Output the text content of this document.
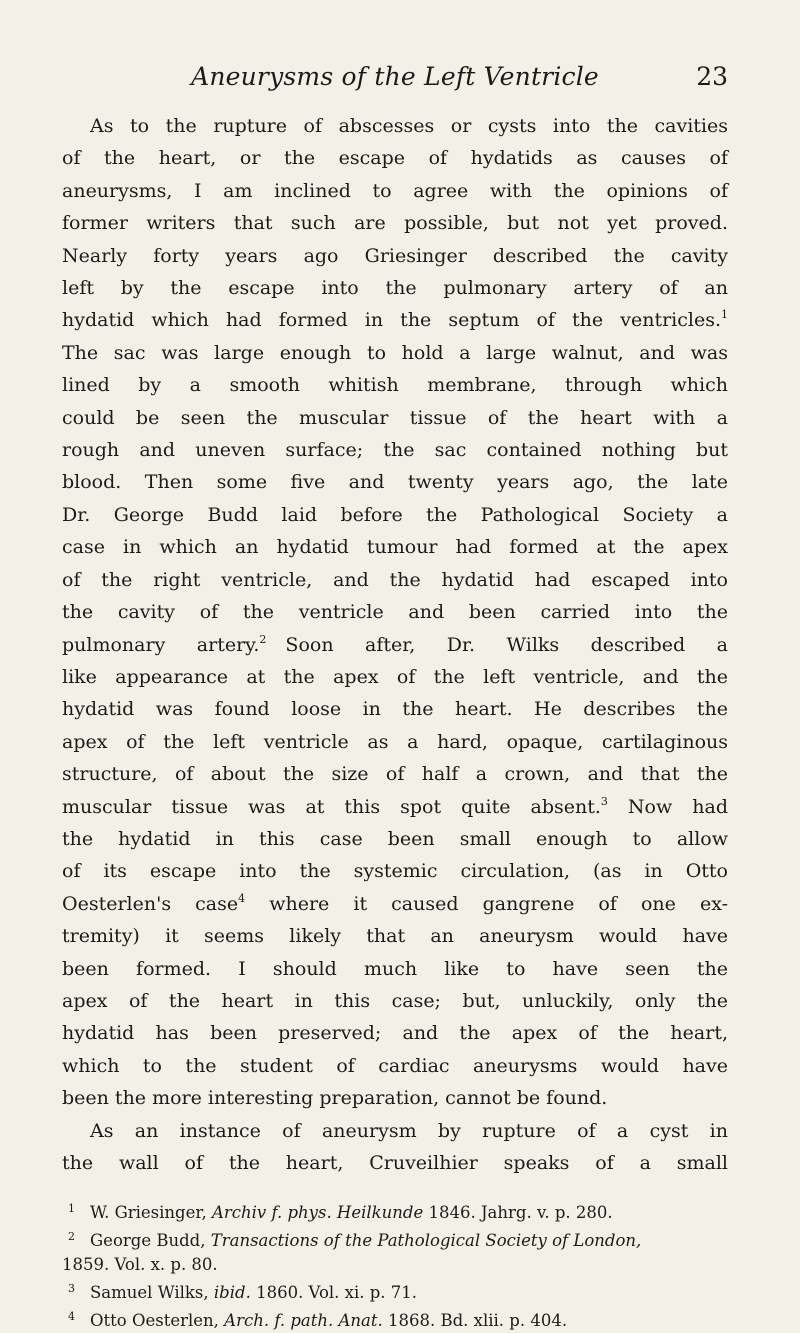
Aneurysms of the Left Ventricle	23
As to the rupture of abscesses or cysts into the cavities
of the heart, or the escape of hydatids as causes of
aneurysms, I am inclined to agree with the opinions of
former writers that such are possible, but not yet proved.
Nearly forty years ago Griesinger described the cavity
left by the escape into the pulmonary artery of an
hydatid which had formed in the septum of the ventricles.$^1$
The sac was large enough to hold a large walnut, and was
lined by a smooth whitish membrane, through which
could be seen the muscular tissue of the heart with a
rough and uneven surface; the sac contained nothing but
blood. Then some five and twenty years ago, the late
Dr. George Budd laid before the Pathological Society a
case in which an hydatid tumour had formed at the apex
of the right ventricle, and the hydatid had escaped into
the cavity of the ventricle and been carried into the
pulmonary artery.$^2$  Soon after, Dr. Wilks described a
like appearance at the apex of the left ventricle, and the
hydatid was found loose in the heart. He describes the
apex of the left ventricle as a hard, opaque, cartilaginous
structure, of about the size of half a crown, and that the
muscular tissue was at this spot quite absent.$^3$ Now had
the hydatid in this case been small enough to allow
of its escape into the systemic circulation, (as in Otto
Oesterlen's case$^4$ where it caused gangrene of one ex-
tremity) it seems likely that an aneurysm would have
been formed. I should much like to have seen the
apex of the heart in this case; but, unluckily, only the
hydatid has been preserved; and the apex of the heart,
which to the student of cardiac aneurysms would have
been the more interesting preparation, cannot be found.
As an instance of aneurysm by rupture of a cyst in
the wall of the heart, Cruveilhier speaks of a small

1 W. Griesinger, Archiv f. phys. Heilkunde 1846. Jahrg. v. p. 280.

2 George Budd, Transactions of the Pathological Society of London,
1859. Vol. x. p. 80.

3 Samuel Wilks, ibid. 1860. Vol. xi. p. 71.

4 Otto Oesterlen, Arch. f. path. Anat. 1868. Bd. xlii. p. 404.
